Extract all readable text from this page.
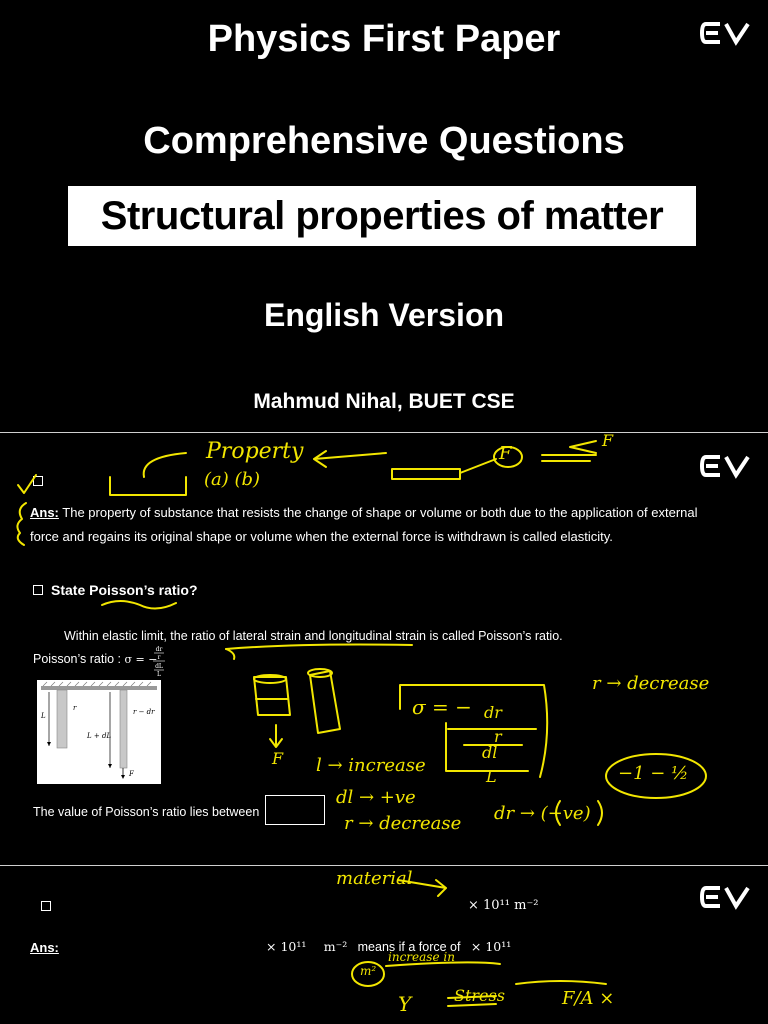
Physics First Paper
Comprehensive Questions
Structural properties of matter
English Version
Mahmud Nihal, BUET CSE
Ans: The property of substance that resists the change of shape or volume or both due to the application of external
force and regains its original shape or volume when the external force is withdrawn is called elasticity.
State Poisson’s ratio?
Within elastic limit, the ratio of lateral strain and longitudinal strain is called Poisson’s ratio.
Poisson’s ratio : σ = −
dr
r
dL
L
L
r	r − dr
L + dL
F
The value of Poisson’s ratio lies between
Property
(a) (b)
F
F
r → decrease
F l → increase
σ = − dr
r
dl
L	−1 − ½
dl → +ve
r → decrease dr → (−ve)
× 10¹¹ m⁻²
Ans:	× 10¹¹ m⁻² means if a force of × 10¹¹
material
m²
increase in
Y	Stress	F/A ×
